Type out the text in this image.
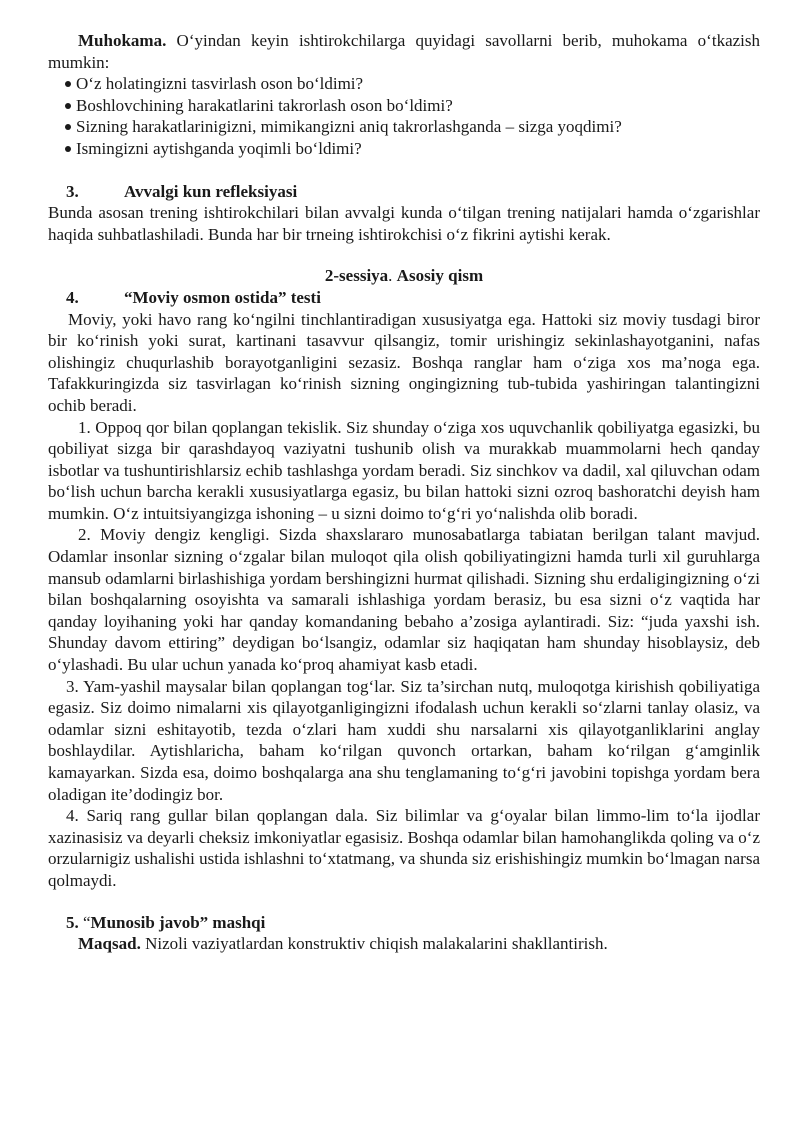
Muhokama. O‘yindan keyin ishtirokchilarga quyidagi savollarni berib, muhokama o‘tkazish mumkin:

O‘z holatingizni tasvirlash oson bo‘ldimi?
Boshlovchining harakatlarini takrorlash oson bo‘ldimi?
Sizning harakatlarinigizni, mimikangizni aniq takrorlashganda – sizga yoqdimi?
Ismingizni aytishganda yoqimli bo‘ldimi?
3.	Avvalgi kun refleksiyasi

Bunda asosan trening ishtirokchilari bilan avvalgi kunda o‘tilgan trening natijalari hamda o‘zgarishlar haqida suhbatlashiladi. Bunda har bir trneing ishtirokchisi o‘z fikrini aytishi kerak.

2-sessiya. Asosiy qism
4.	“Moviy osmon ostida” testi

Moviy, yoki havo rang ko‘ngilni tinchlantiradigan xususiyatga ega. Hattoki siz moviy tusdagi biror bir ko‘rinish yoki surat, kartinani tasavvur qilsangiz, tomir urishingiz sekinlashayotganini, nafas olishingiz chuqurlashib borayotganligini sezasiz. Boshqa ranglar ham o‘ziga xos ma’noga ega. Tafakkuringizda siz tasvirlagan ko‘rinish sizning ongingizning tub-tubida yashiringan talantingizni ochib beradi.

1. Oppoq qor bilan qoplangan tekislik. Siz shunday o‘ziga xos uquvchanlik qobiliyatga egasizki, bu qobiliyat sizga bir qarashdayoq vaziyatni tushunib olish va murakkab muammolarni hech qanday isbotlar va tushuntirishlarsiz echib tashlashga yordam beradi. Siz sinchkov va dadil, xal qiluvchan odam bo‘lish uchun barcha kerakli xususiyatlarga egasiz, bu bilan hattoki sizni ozroq bashoratchi deyish ham mumkin. O‘z intuitsiyangizga ishoning – u sizni doimo to‘g‘ri yo‘nalishda olib boradi.

2. Moviy dengiz kengligi. Sizda shaxslararo munosabatlarga tabiatan berilgan talant mavjud. Odamlar insonlar sizning o‘zgalar bilan muloqot qila olish qobiliyatingizni hamda turli xil guruhlarga mansub odamlarni birlashishiga yordam bershingizni hurmat qilishadi. Sizning shu erdaligingizning o‘zi bilan boshqalarning osoyishta va samarali ishlashiga yordam berasiz, bu esa sizni o‘z vaqtida har qanday loyihaning yoki har qanday komandaning bebaho a’zosiga aylantiradi. Siz: “juda yaxshi ish. Shunday davom ettiring” deydigan bo‘lsangiz, odamlar siz haqiqatan ham shunday hisoblaysiz, deb o‘ylashadi. Bu ular uchun yanada ko‘proq ahamiyat kasb etadi.

3. Yam-yashil maysalar bilan qoplangan tog‘lar. Siz ta’sirchan nutq, muloqotga kirishish qobiliyatiga egasiz. Siz doimo nimalarni xis qilayotganligingizni ifodalash uchun kerakli so‘zlarni tanlay olasiz, va odamlar sizni eshitayotib, tezda o‘zlari ham xuddi shu narsalarni xis qilayotganliklarini anglay boshlaydilar. Aytishlaricha, baham ko‘rilgan quvonch ortarkan, baham ko‘rilgan g‘amginlik kamayarkan. Sizda esa, doimo boshqalarga ana shu tenglamaning to‘g‘ri javobini topishga yordam bera oladigan ite’dodingiz bor.

4. Sariq rang gullar bilan qoplangan dala. Siz bilimlar va g‘oyalar bilan limmo-lim to‘la ijodlar xazinasisiz va deyarli cheksiz imkoniyatlar egasisiz. Boshqa odamlar bilan hamohanglikda qoling va o‘z orzularnigiz ushalishi ustida ishlashni to‘xtatmang, va shunda siz erishishingiz mumkin bo‘lmagan narsa qolmaydi.

5. “Munosib javob” mashqi

Maqsad. Nizoli vaziyatlardan konstruktiv chiqish malakalarini shakllantirish.
